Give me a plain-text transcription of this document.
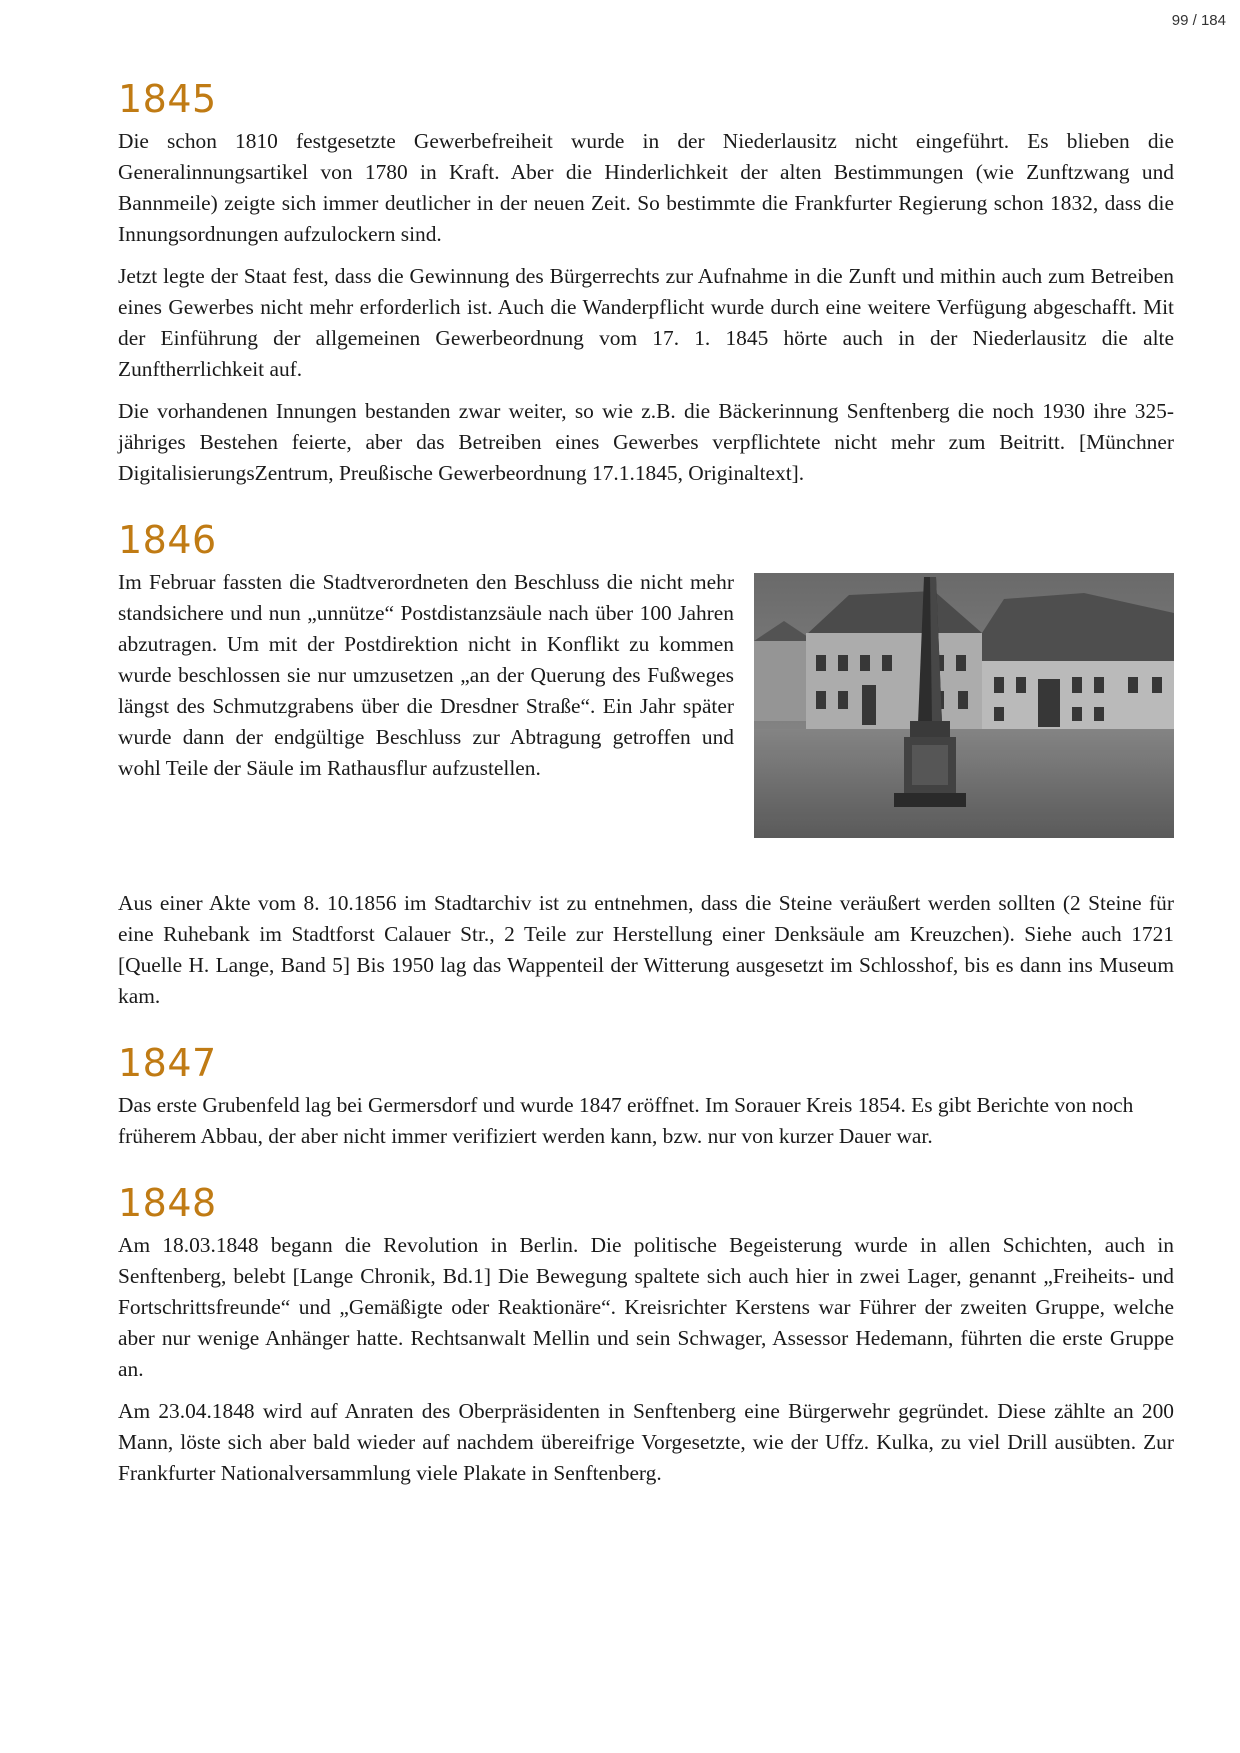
99 / 184
1845

Die schon 1810 festgesetzte Gewerbefreiheit wurde in der Niederlausitz nicht eingeführt. Es blieben die Generalinnungsartikel von 1780 in Kraft. Aber die Hinderlichkeit der alten Bestimmungen (wie Zunftzwang und Bannmeile) zeigte sich immer deutlicher in der neuen Zeit. So bestimmte die Frankfurter Regierung schon 1832, dass die Innungsordnungen aufzulockern sind.

Jetzt legte der Staat fest, dass die Gewinnung des Bürgerrechts zur Aufnahme in die Zunft und mithin auch zum Betreiben eines Gewerbes nicht mehr erforderlich ist. Auch die Wanderpflicht wurde durch eine weitere Verfügung abgeschafft. Mit der Einführung der allgemeinen Gewerbeordnung vom 17. 1. 1845 hörte auch in der Niederlausitz die alte Zunftherrlichkeit auf.

Die vorhandenen Innungen bestanden zwar weiter, so wie z.B. die Bäckerinnung Senftenberg die noch 1930 ihre 325- jähriges Bestehen feierte, aber das Betreiben eines Gewerbes verpflichtete nicht mehr zum Beitritt. [Münchner DigitalisierungsZentrum, Preußische Gewerbeordnung 17.1.1845, Originaltext].

1846

Im Februar fassten die Stadtverordneten den Beschluss die nicht mehr standsichere und nun „unnütze“ Postdistanzsäule nach über 100 Jahren abzutragen. Um mit der Postdirektion nicht in Konflikt zu kommen wurde beschlossen sie nur umzusetzen „an der Querung des Fußweges längst des Schmutzgrabens über die Dresdner Straße“. Ein Jahr später wurde dann der endgültige Beschluss zur Abtragung getroffen und wohl Teile der Säule im Rathausflur aufzustellen.

Aus einer Akte vom 8. 10.1856 im Stadtarchiv ist zu entnehmen, dass die Steine veräußert werden sollten (2 Steine für eine Ruhebank im Stadtforst Calauer Str., 2 Teile zur Herstellung einer Denksäule am Kreuzchen). Siehe auch 1721 [Quelle H. Lange, Band 5] Bis 1950 lag das Wappenteil der Witterung ausgesetzt im Schlosshof, bis es dann ins Museum kam.

1847

Das erste Grubenfeld lag bei Germersdorf und wurde 1847 eröffnet. Im Sorauer Kreis 1854. Es gibt Berichte von noch früherem Abbau, der aber nicht immer verifiziert werden kann, bzw. nur von kurzer Dauer war.

1848

Am 18.03.1848 begann die Revolution in Berlin. Die politische Begeisterung wurde in allen Schichten, auch in Senftenberg, belebt [Lange Chronik, Bd.1] Die Bewegung spaltete sich auch hier in zwei Lager, genannt „Freiheits- und Fortschrittsfreunde“ und „Gemäßigte oder Reaktionäre“. Kreisrichter Kerstens war Führer der zweiten Gruppe, welche aber nur wenige Anhänger hatte. Rechtsanwalt Mellin und sein Schwager, Assessor Hedemann, führten die erste Gruppe an.

Am 23.04.1848 wird auf Anraten des Oberpräsidenten in Senftenberg eine Bürgerwehr gegründet. Diese zählte an 200 Mann, löste sich aber bald wieder auf nachdem übereifrige Vorgesetzte, wie der Uffz. Kulka, zu viel Drill ausübten. Zur Frankfurter Nationalversammlung viele Plakate in Senftenberg.
